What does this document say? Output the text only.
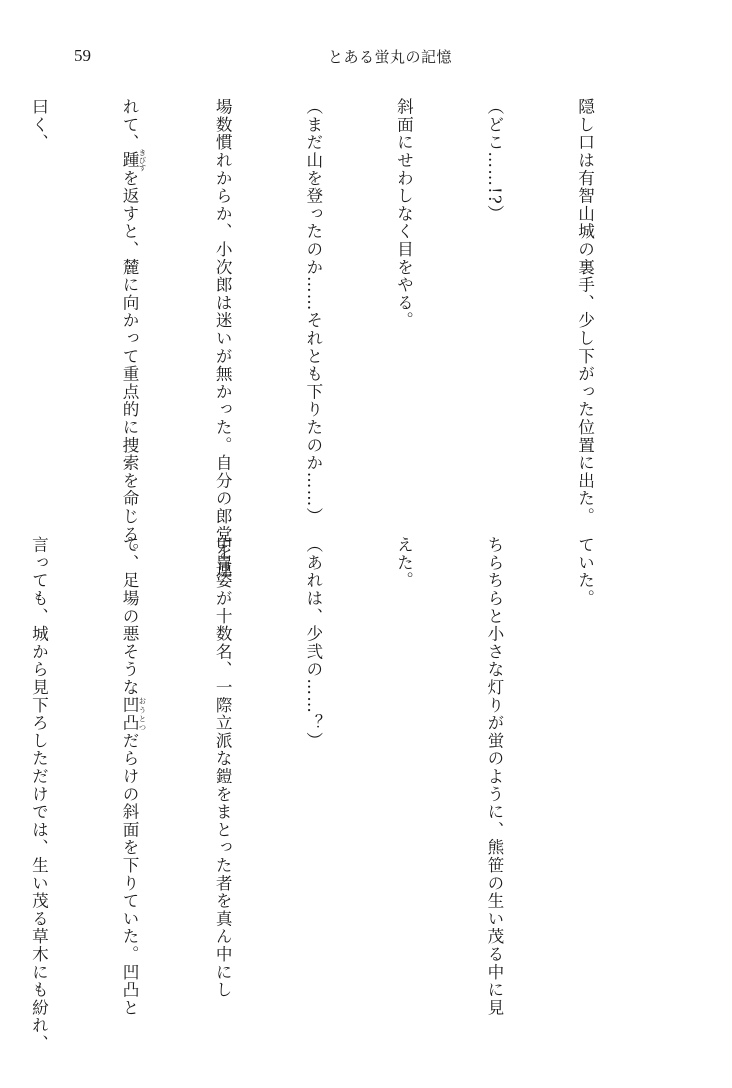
59	とある蛍丸の記憶

隠し口は有智山城の裏手、少し下がった位置に出た。

（どこ……!?）

斜面にせわしなく目をやる。

（まだ山を登ったのか……それとも下りたのか……）

場数慣れからか、小次郎は迷いが無かった。自分の郎党を連

れて、踵 きびすを返すと、麓に向かって重点的に捜索を命じる。

曰く、

ていた。

ちらちらと小さな灯りが蛍のように、熊笹の生い茂る中に見

えた。

（あれは、少弐の……？）

甲冑姿が十数名、一際立派な鎧をまとった者を真ん中にし

て、足場の悪そうな凹凸 おうとつだらけの斜面を下りていた。凹凸と

言っても、城から見下ろしただけでは、生い茂る草木にも紛れ、
